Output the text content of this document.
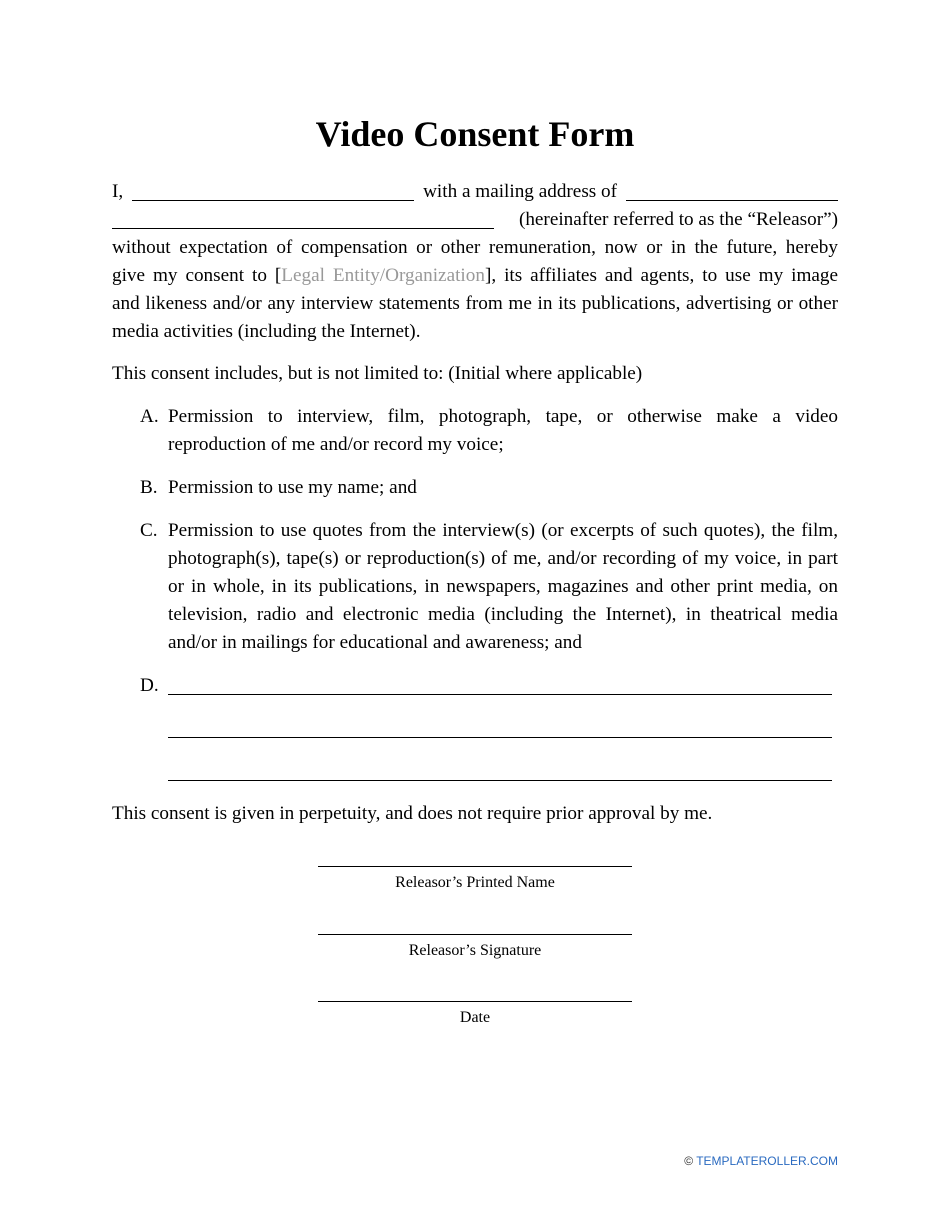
Video Consent Form
I,	with a mailing address of
(hereinafter referred to as the “Releasor”)
without expectation of compensation or other remuneration, now or in the future, hereby
give my consent to [Legal Entity/Organization], its affiliates and agents, to use my image
and likeness and/or any interview statements from me in its publications, advertising or other media activities (including the Internet).
This consent includes, but is not limited to: (Initial where applicable)
A. Permission to interview, film, photograph, tape, or otherwise make a video reproduction of me and/or record my voice;
B. Permission to use my name; and
C. Permission to use quotes from the interview(s) (or excerpts of such quotes), the film, photograph(s), tape(s) or reproduction(s) of me, and/or recording of my voice, in part or in whole, in its publications, in newspapers, magazines and other print media, on television, radio and electronic media (including the Internet), in theatrical media and/or in mailings for educational and awareness; and
D.
This consent is given in perpetuity, and does not require prior approval by me.
Releasor’s Printed Name
Releasor’s Signature
Date
© TEMPLATEROLLER.COM
